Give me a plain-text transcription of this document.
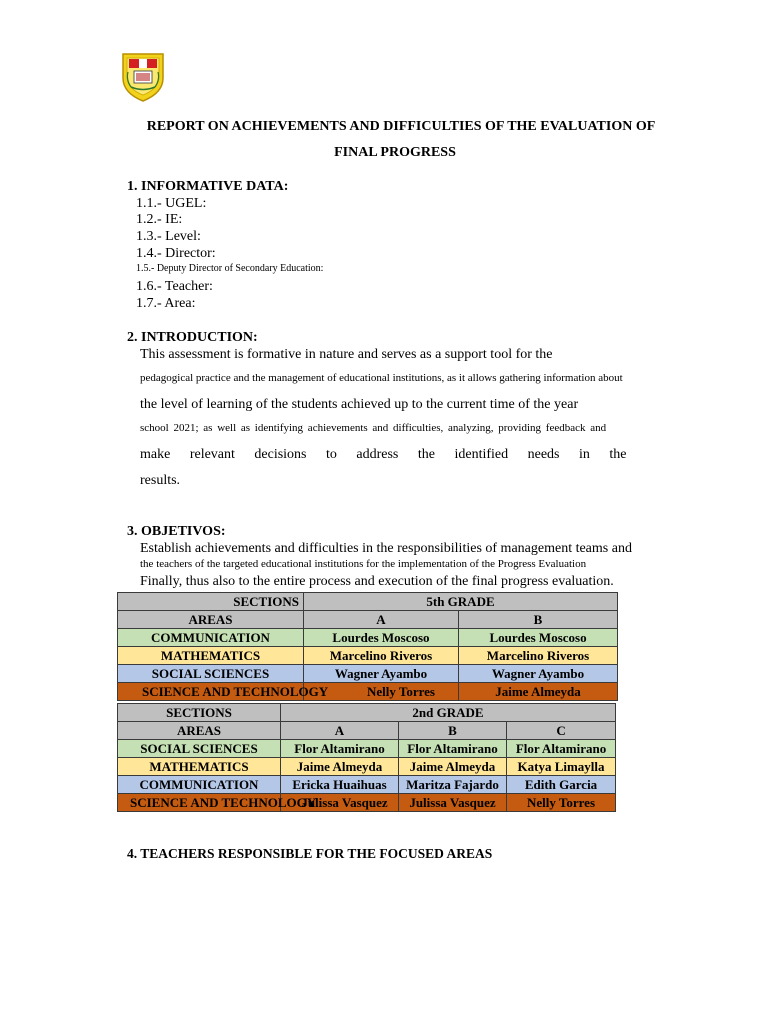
REPORT ON ACHIEVEMENTS AND DIFFICULTIES OF THE EVALUATION OF
FINAL PROGRESS
1. INFORMATIVE DATA:
1.1.- UGEL:
1.2.- IE:
1.3.- Level:
1.4.- Director:
1.5.- Deputy Director of Secondary Education:
1.6.- Teacher:
1.7.- Area:
2. INTRODUCTION:
This assessment is formative in nature and serves as a support tool for the
pedagogical practice and the management of educational institutions, as it allows gathering information about
the level of learning of the students achieved up to the current time of the year
school 2021; as well as identifying achievements and difficulties, analyzing, providing feedback and
make relevant decisions to address the identified needs in the
results.
3. OBJETIVOS:
Establish achievements and difficulties in the responsibilities of management teams and
the teachers of the targeted educational institutions for the implementation of the Progress Evaluation
Finally, thus also to the entire process and execution of the final progress evaluation.
SECTIONS	5th GRADE	
AREAS	A	B
COMMUNICATION	Lourdes Moscoso	Lourdes Moscoso
MATHEMATICS	Marcelino Riveros	Marcelino Riveros
SOCIAL SCIENCES	Wagner Ayambo	Wagner Ayambo
SCIENCE AND TECHNOLOGY	Nelly Torres	Jaime Almeyda
SECTIONS	2nd GRADE		
AREAS	A	B	C
SOCIAL SCIENCES	Flor Altamirano	Flor Altamirano	Flor Altamirano
MATHEMATICS	Jaime Almeyda	Jaime Almeyda	Katya Limaylla
COMMUNICATION	Ericka Huaihuas	Maritza Fajardo	Edith Garcia
SCIENCE AND TECHNOLOGY	Julissa Vasquez	Julissa Vasquez	Nelly Torres
4. TEACHERS RESPONSIBLE FOR THE FOCUSED AREAS
